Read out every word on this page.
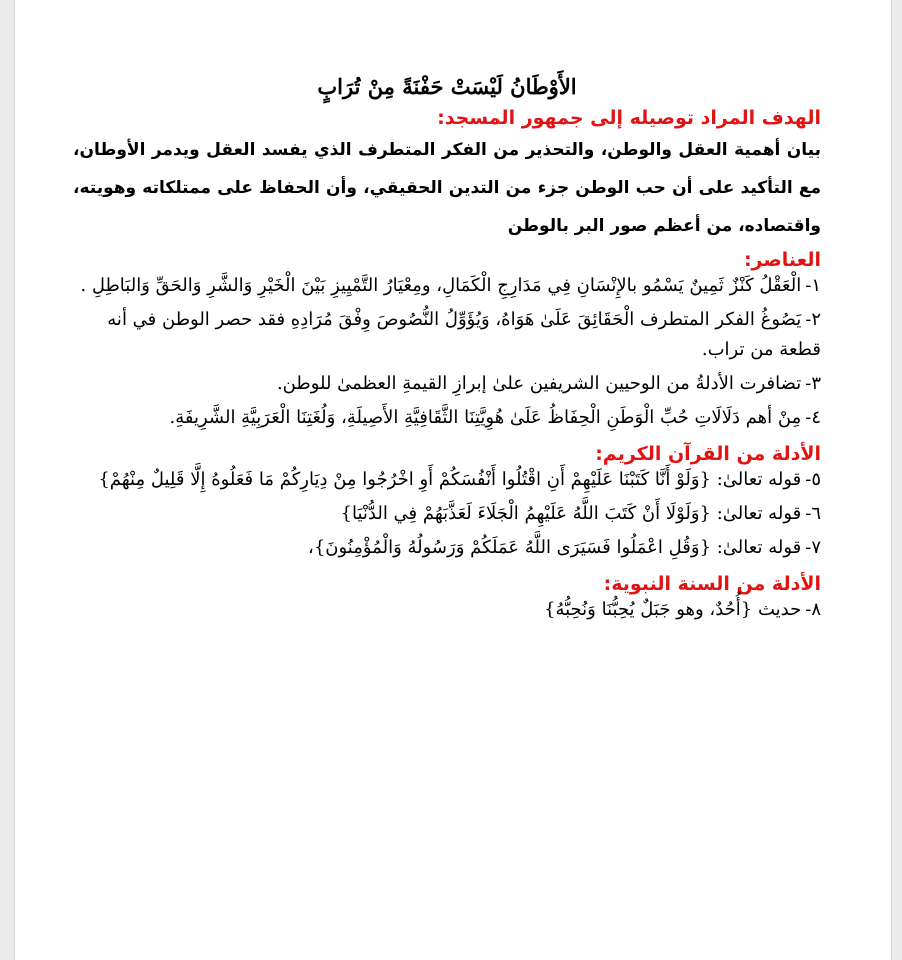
الأَوْطَانُ لَيْسَتْ حَفْنَةً مِنْ تُرَابٍ
الهدف المراد توصيله إلى جمهور المسجد:
بيان أهمية العقل والوطن، والتحذير من الفكر المتطرف الذي يفسد العقل ويدمر الأوطان، مع التأكيد على أن حب الوطن جزء من التدين الحقيقي، وأن الحفاظ على ممتلكاته وهويته، واقتصاده، من أعظم صور البر بالوطن
العناصر:
١-الْعَقْلُ كَنْزٌ ثَمِينٌ يَسْمُو بالإِنْسَانِ فِي مَدَارِجِ الْكَمَالِ، ومِعْيَارُ التَّمْيِيزِ بَيْنَ الْخَيْرِ وَالشَّرِ وَالحَقِّ وَالبَاطِلِ .
٢-يَصُوغُ الفكر المتطرف الْحَقَائِقَ عَلَىٰ هَوَاهُ، وَيُؤَوِّلُ النُّصُوصَ وِفْقَ مُرَادِهِ فقد حصر الوطن في أنه قطعة من تراب.
٣-تضافرت الأدلةُ من الوحيين الشريفين علىٰ إبرازِ القيمةِ العظمىٰ للوطن.
٤-مِنْ أهم دَلَالَاتِ حُبِّ الْوَطَنِ الْحِفَاظُ عَلَىٰ هُوِيَّتِنَا الثَّقَافِيَّةِ الأَصِيلَةِ، وَلُغَتِنَا الْعَرَبِيَّةِ الشَّرِيفَةِ.
الأدلة من القرآن الكريم:
٥-قوله تعالىٰ: {وَلَوْ أَنَّا كَتَبْنَا عَلَيْهِمْ أَنِ اقْتُلُوا أَنْفُسَكُمْ أَوِ اخْرُجُوا مِنْ دِيَارِكُمْ مَا فَعَلُوهُ إِلَّا قَلِيلٌ مِنْهُمْ}
٦-قوله تعالىٰ: {وَلَوْلَا أَنْ كَتَبَ اللَّهُ عَلَيْهِمُ الْجَلَاءَ لَعَذَّبَهُمْ فِي الدُّنْيَا}
٧-قوله تعالىٰ: {وَقُلِ اعْمَلُوا فَسَيَرَى اللَّهُ عَمَلَكُمْ وَرَسُولُهُ وَالْمُؤْمِنُونَ}،
الأدلة من السنة النبوية:
٨-حديث {أُحُدٌ، وهو جَبَلٌ يُحِبُّنَا وَنُحِبُّهُ}
